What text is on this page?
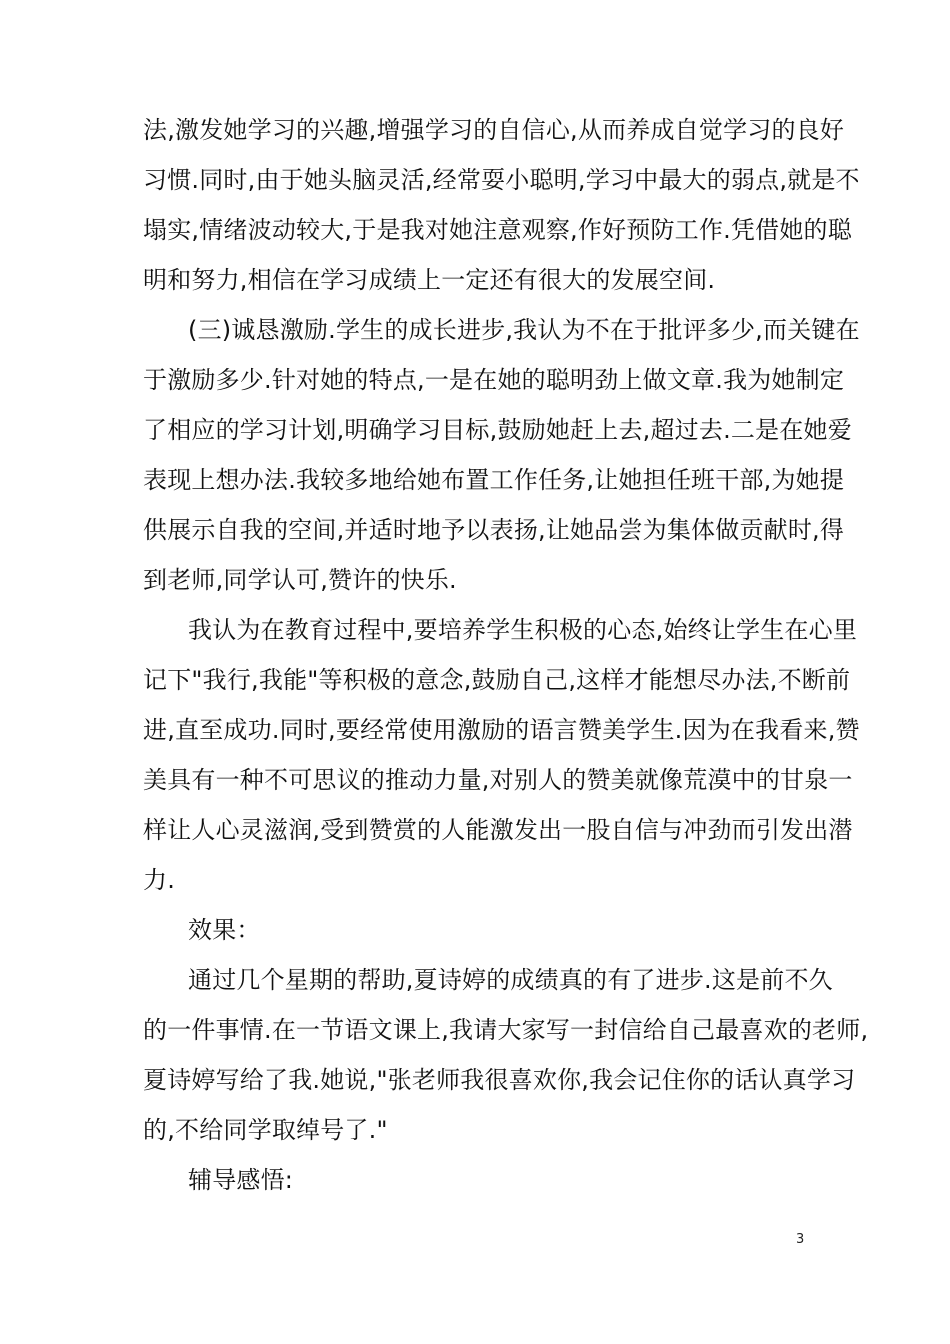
法,激发她学习的兴趣,增强学习的自信心,从而养成自觉学习的良好
习惯.同时,由于她头脑灵活,经常耍小聪明,学习中最大的弱点,就是不
塌实,情绪波动较大,于是我对她注意观察,作好预防工作.凭借她的聪
明和努力,相信在学习成绩上一定还有很大的发展空间.
(三)诚恳激励.学生的成长进步,我认为不在于批评多少,而关键在
于激励多少.针对她的特点,一是在她的聪明劲上做文章.我为她制定
了相应的学习计划,明确学习目标,鼓励她赶上去,超过去.二是在她爱
表现上想办法.我较多地给她布置工作任务,让她担任班干部,为她提
供展示自我的空间,并适时地予以表扬,让她品尝为集体做贡献时,得
到老师,同学认可,赞许的快乐.
我认为在教育过程中,要培养学生积极的心态,始终让学生在心里
记下"我行,我能"等积极的意念,鼓励自己,这样才能想尽办法,不断前
进,直至成功.同时,要经常使用激励的语言赞美学生.因为在我看来,赞
美具有一种不可思议的推动力量,对别人的赞美就像荒漠中的甘泉一
样让人心灵滋润,受到赞赏的人能激发出一股自信与冲劲而引发出潜
力.
效果：
通过几个星期的帮助,夏诗婷的成绩真的有了进步.这是前不久
的一件事情.在一节语文课上,我请大家写一封信给自己最喜欢的老师,
夏诗婷写给了我.她说,"张老师我很喜欢你,我会记住你的话认真学习
的,不给同学取绰号了."
辅导感悟:
3
